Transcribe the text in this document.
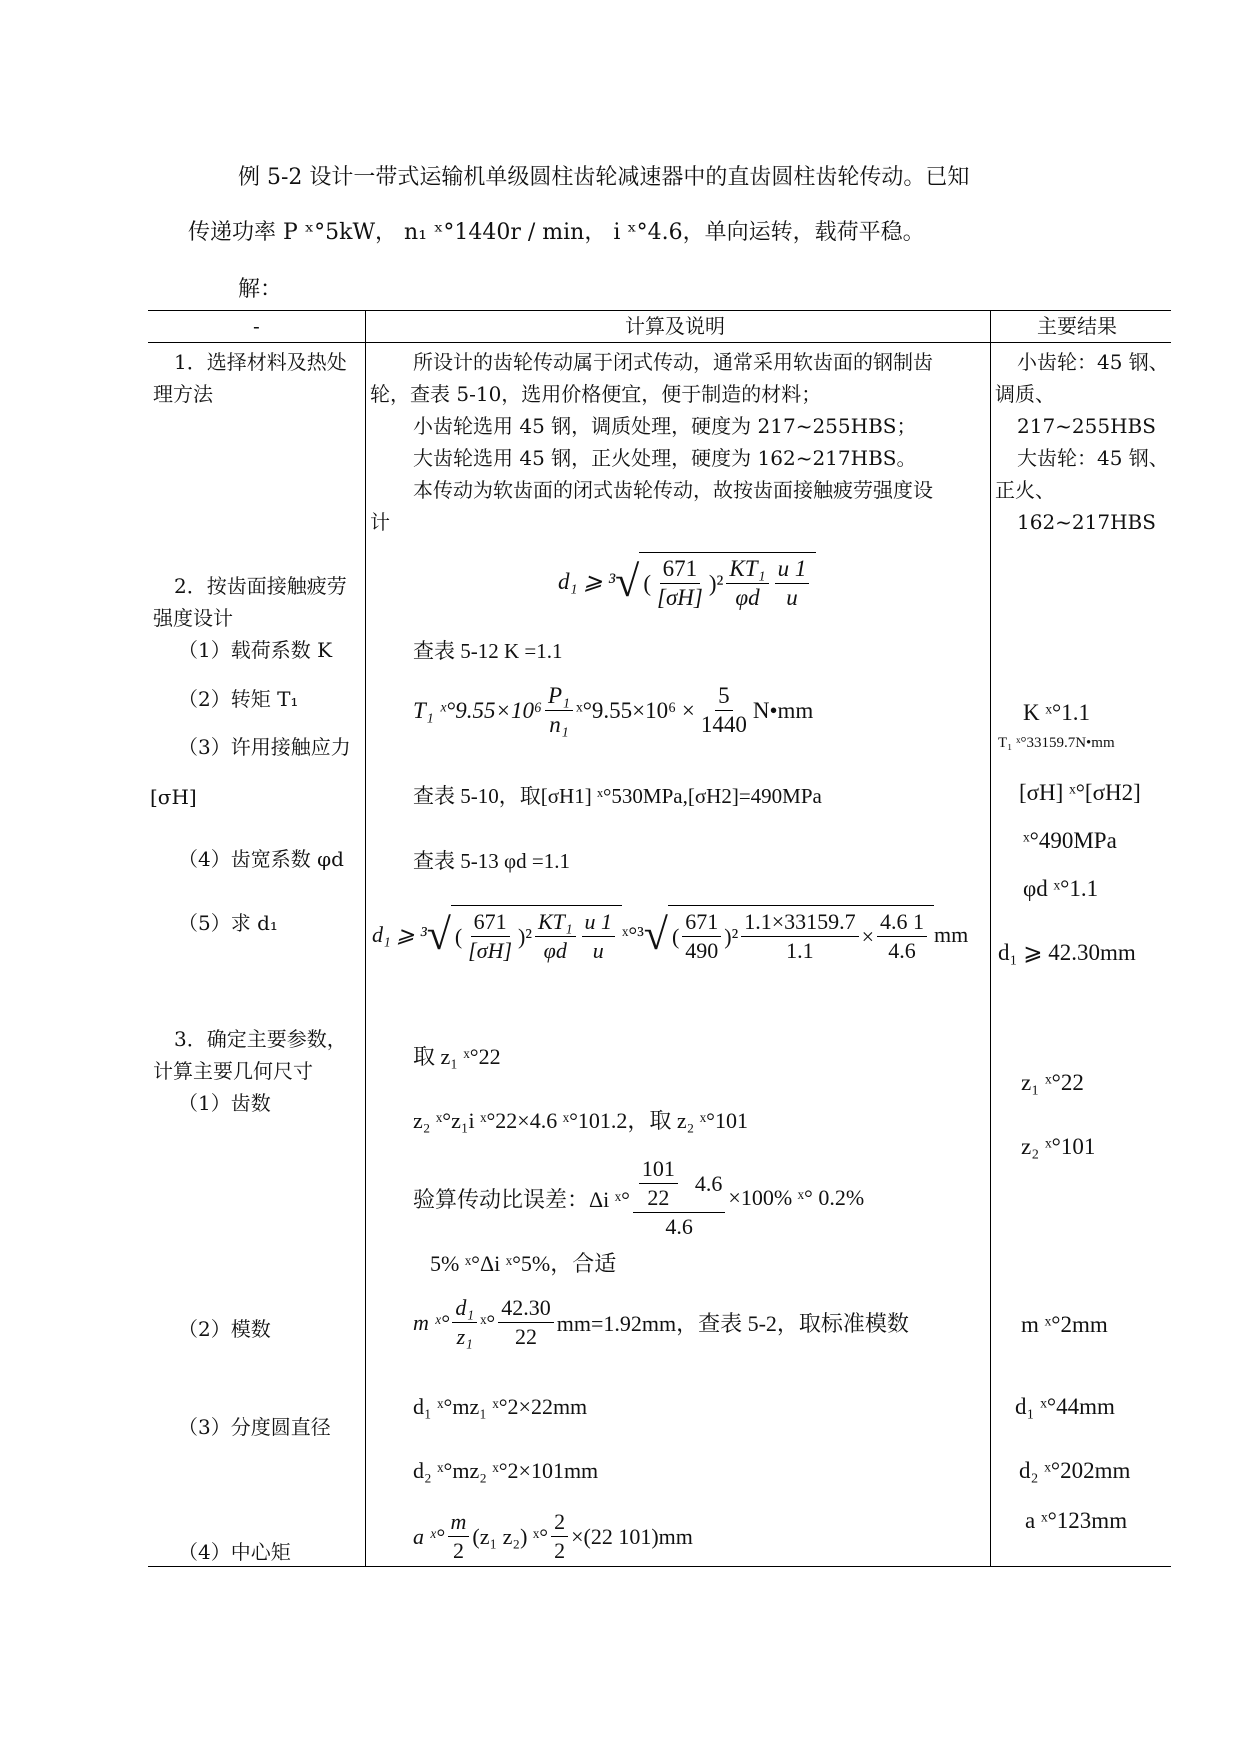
例 5-2 设计一带式运输机单级圆柱齿轮减速器中的直齿圆柱齿轮传动。已知
传递功率 P ˣ°5kW， n₁ ˣ°1440r / min， i ˣ°4.6，单向运转，载荷平稳。
解：
-	计算及说明	主要结果
1．选择材料及热处
理方法
2．按齿面接触疲劳
强度设计
（1）载荷系数 K
（2）转矩 T₁
（3）许用接触应力
[σH]
（4）齿宽系数 φd
（5）求 d₁
3．确定主要参数，
计算主要几何尺寸
（1）齿数
（2）模数
（3）分度圆直径
（4）中心矩
所设计的齿轮传动属于闭式传动，通常采用软齿面的钢制齿
轮，查表 5-10，选用价格便宜，便于制造的材料；
小齿轮选用 45 钢，调质处理，硬度为 217~255HBS；
大齿轮选用 45 钢，正火处理，硬度为 162~217HBS。
本传动为软齿面的闭式齿轮传动，故按齿面接触疲劳强度设
计
d₁ ⩾ ³ √ ( $\frac{671}{[\sigma H]} )^2 \frac{\text{KT₁}}{\varphi d} \frac{u 1}{u}$
查表 5-12 K =1.1
T₁ ˣ°9.55×10⁶ $\frac{\text{P₁}}{\text{n₁}}$ ˣ°9.55×10⁶ × $\frac{5}{1440}$ N•mm
查表 5-10，取[σH1] ˣ°530MPa,[σH2]=490MPa
查表 5-13 φd =1.1
d₁ ⩾ ³ √ ( $\frac{671}{[\sigma H]} )^2 \frac{\text{KT₁}}{\varphi d} \frac{u 1}{u}$ ˣ°³ √ ( $\frac{671}{490} )^2 \frac{1.1\times 33159.7}{1.1} \times \frac{4.6 1}{4.6}$ mm
取 z₁ ˣ°22
z₂ ˣ°z₁i ˣ°22×4.6 ˣ°101.2，取 z₂ ˣ°101
验算传动比误差：Δi ˣ° $\frac{\frac{101}{22} 4.6}{4.6} \times 100\%$ ˣ° 0.2%
5% ˣ°Δi ˣ°5%，合适
m ˣ° $\frac{\text{d₁}}{\text{z₁}}$ ˣ° $\frac{42.30}{22} mm=1.92mm$，查表 5-2，取标准模数
d₁ ˣ°mz₁ ˣ°2×22mm
d₂ ˣ°mz₂ ˣ°2×101mm
a ˣ° $\frac{m}{2} (z_1$ z₂) ˣ° $\frac{2}{2} \times(22$ 101)mm
小齿轮：45 钢、
调质、
217~255HBS
大齿轮：45 钢、
正火、
162~217HBS
K ˣ°1.1
T₁ ˣ°33159.7N•mm
[σH] ˣ°[σH2]
ˣ°490MPa
φd ˣ°1.1
d₁ ⩾ 42.30mm
z₁ ˣ°22
z₂ ˣ°101
m ˣ°2mm
d₁ ˣ°44mm
d₂ ˣ°202mm
a ˣ°123mm
